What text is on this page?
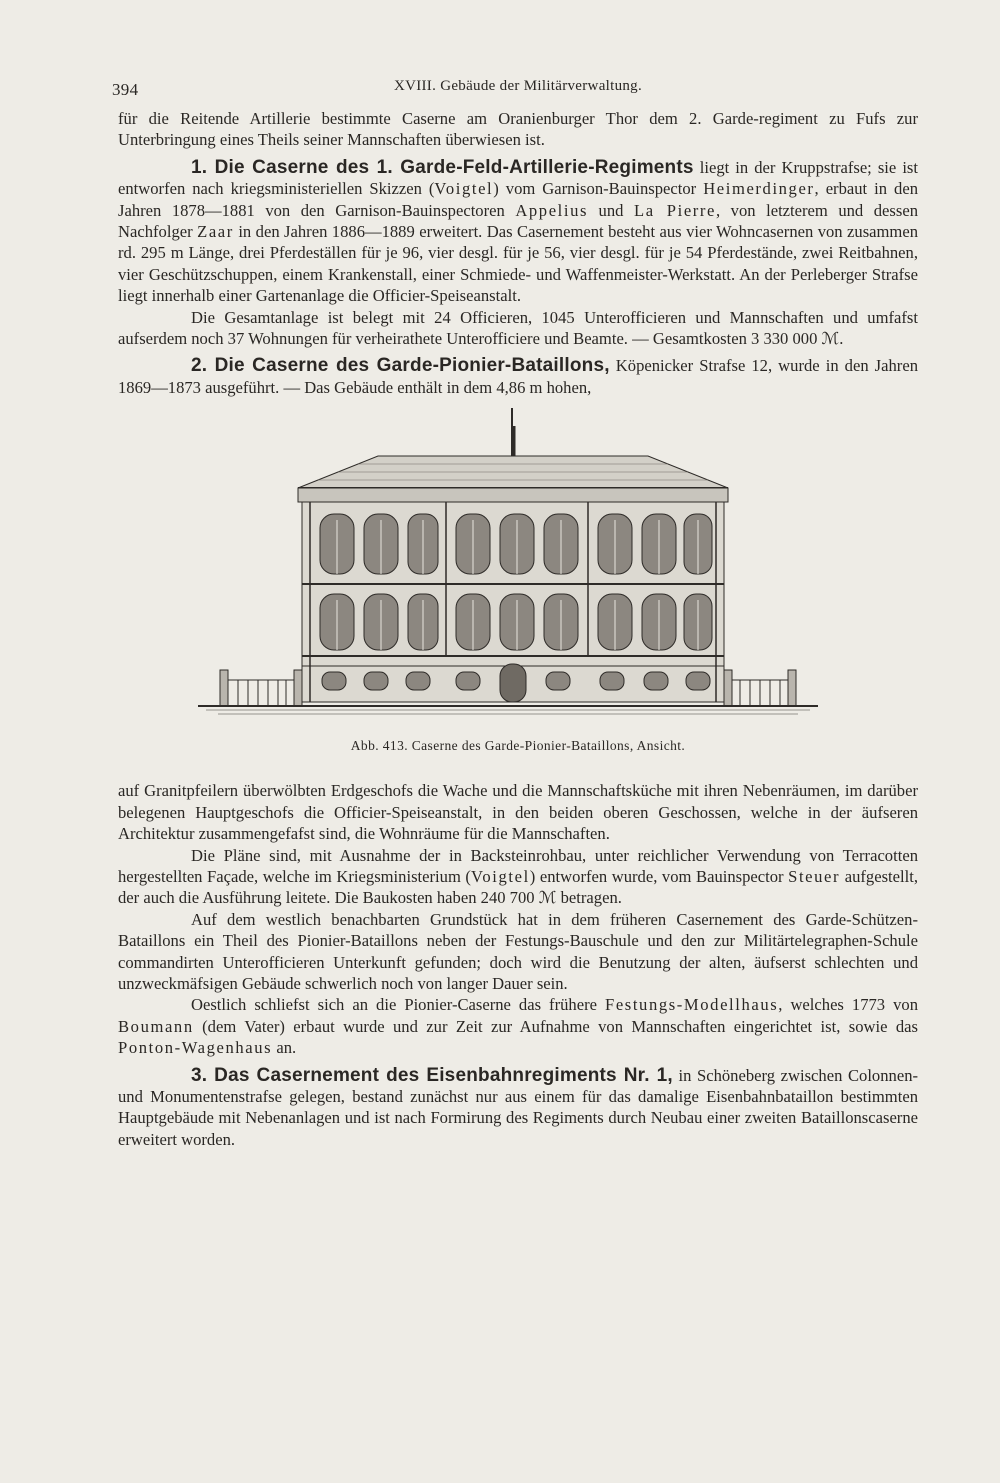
394	XVIII. Gebäude der Militärverwaltung.

für die Reitende Artillerie bestimmte Caserne am Oranienburger Thor dem 2. Garde-regiment zu Fufs zur Unterbringung eines Theils seiner Mannschaften überwiesen ist.

1. Die Caserne des 1. Garde-Feld-Artillerie-Regiments liegt in der Kruppstrafse; sie ist entworfen nach kriegsministeriellen Skizzen (Voigtel) vom Garnison-Bauinspector Heimerdinger, erbaut in den Jahren 1878—1881 von den Garnison-Bauinspectoren Appelius und La Pierre, von letzterem und dessen Nachfolger Zaar in den Jahren 1886—1889 erweitert. Das Casernement besteht aus vier Wohncasernen von zusammen rd. 295 m Länge, drei Pferdeställen für je 96, vier desgl. für je 56, vier desgl. für je 54 Pferdestände, zwei Reitbahnen, vier Geschützschuppen, einem Krankenstall, einer Schmiede- und Waffenmeister-Werkstatt. An der Perleberger Strafse liegt innerhalb einer Gartenanlage die Officier-Speiseanstalt.

Die Gesamtanlage ist belegt mit 24 Officieren, 1045 Unterofficieren und Mannschaften und umfafst aufserdem noch 37 Wohnungen für verheirathete Unterofficiere und Beamte. — Gesamtkosten 3 330 000 ℳ.

2. Die Caserne des Garde-Pionier-Bataillons, Köpenicker Strafse 12, wurde in den Jahren 1869—1873 ausgeführt. — Das Gebäude enthält in dem 4,86 m hohen,

Abb. 413. Caserne des Garde-Pionier-Bataillons, Ansicht.

auf Granitpfeilern überwölbten Erdgeschofs die Wache und die Mannschaftsküche mit ihren Nebenräumen, im darüber belegenen Hauptgeschofs die Officier-Speiseanstalt, in den beiden oberen Geschossen, welche in der äufseren Architektur zusammengefafst sind, die Wohnräume für die Mannschaften.

Die Pläne sind, mit Ausnahme der in Backsteinrohbau, unter reichlicher Verwendung von Terracotten hergestellten Façade, welche im Kriegsministerium (Voigtel) entworfen wurde, vom Bauinspector Steuer aufgestellt, der auch die Ausführung leitete. Die Baukosten haben 240 700 ℳ betragen.

Auf dem westlich benachbarten Grundstück hat in dem früheren Casernement des Garde-Schützen-Bataillons ein Theil des Pionier-Bataillons neben der Festungs-Bauschule und den zur Militärtelegraphen-Schule commandirten Unterofficieren Unterkunft gefunden; doch wird die Benutzung der alten, äufserst schlechten und unzweckmäfsigen Gebäude schwerlich noch von langer Dauer sein.

Oestlich schliefst sich an die Pionier-Caserne das frühere Festungs-Modellhaus, welches 1773 von Boumann (dem Vater) erbaut wurde und zur Zeit zur Aufnahme von Mannschaften eingerichtet ist, sowie das Ponton-Wagenhaus an.

3. Das Casernement des Eisenbahnregiments Nr. 1, in Schöneberg zwischen Colonnen- und Monumentenstrafse gelegen, bestand zunächst nur aus einem für das damalige Eisenbahnbataillon bestimmten Hauptgebäude mit Nebenanlagen und ist nach Formirung des Regiments durch Neubau einer zweiten Bataillonscaserne erweitert worden.
